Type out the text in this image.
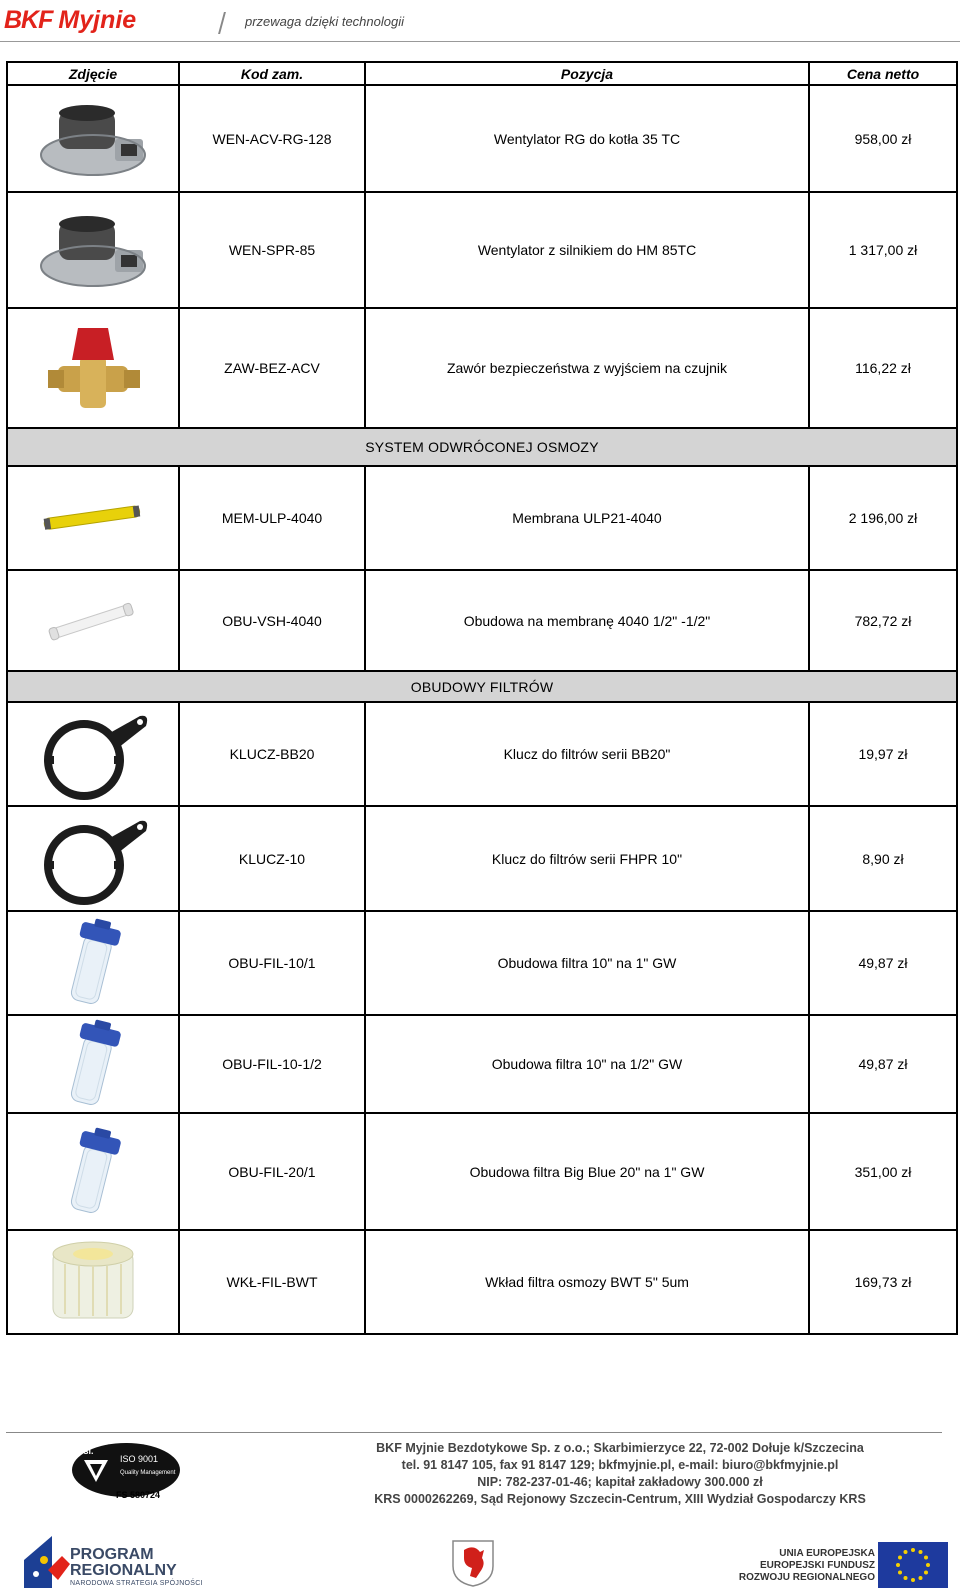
BKF Myjnie	przewaga dzięki technologii
Zdjęcie	Kod zam.	Pozycja	Cena netto

	WEN-ACV-RG-128	Wentylator RG do kotła 35 TC	958,00 zł

	WEN-SPR-85	Wentylator z silnikiem do HM 85TC	1 317,00 zł

	ZAW-BEZ-ACV	Zawór bezpieczeństwa z wyjściem na czujnik	116,22 zł
SYSTEM ODWRÓCONEJ OSMOZY			

	MEM-ULP-4040	Membrana ULP21-4040	2 196,00 zł

	OBU-VSH-4040	Obudowa na membranę 4040 1/2" -1/2"	782,72 zł
OBUDOWY FILTRÓW			

	KLUCZ-BB20	Klucz do filtrów serii BB20"	19,97 zł

	KLUCZ-10	Klucz do filtrów serii FHPR 10"	8,90 zł

	OBU-FIL-10/1	Obudowa filtra 10" na 1" GW	49,87 zł

	OBU-FIL-10-1/2	Obudowa filtra 10" na 1/2" GW	49,87 zł

	OBU-FIL-20/1	Obudowa filtra Big Blue 20" na 1" GW	351,00 zł

	WKŁ-FIL-BWT	Wkład filtra osmozy BWT 5" 5um	169,73 zł
bsi.
ISO 9001
Quality Management
FS 580724
BKF Myjnie Bezdotykowe Sp. z o.o.; Skarbimierzyce 22, 72-002 Dołuje k/Szczecina
tel. 91 8147 105, fax 91 8147 129; bkfmyjnie.pl, e-mail: biuro@bkfmyjnie.pl
NIP: 782-237-01-46; kapitał zakładowy 300.000 zł
KRS 0000262269, Sąd Rejonowy Szczecin-Centrum, XIII Wydział Gospodarczy KRS
PROGRAM
REGIONALNY
NARODOWA STRATEGIA SPÓJNOŚCI
UNIA EUROPEJSKA
EUROPEJSKI FUNDUSZ
ROZWOJU REGIONALNEGO
